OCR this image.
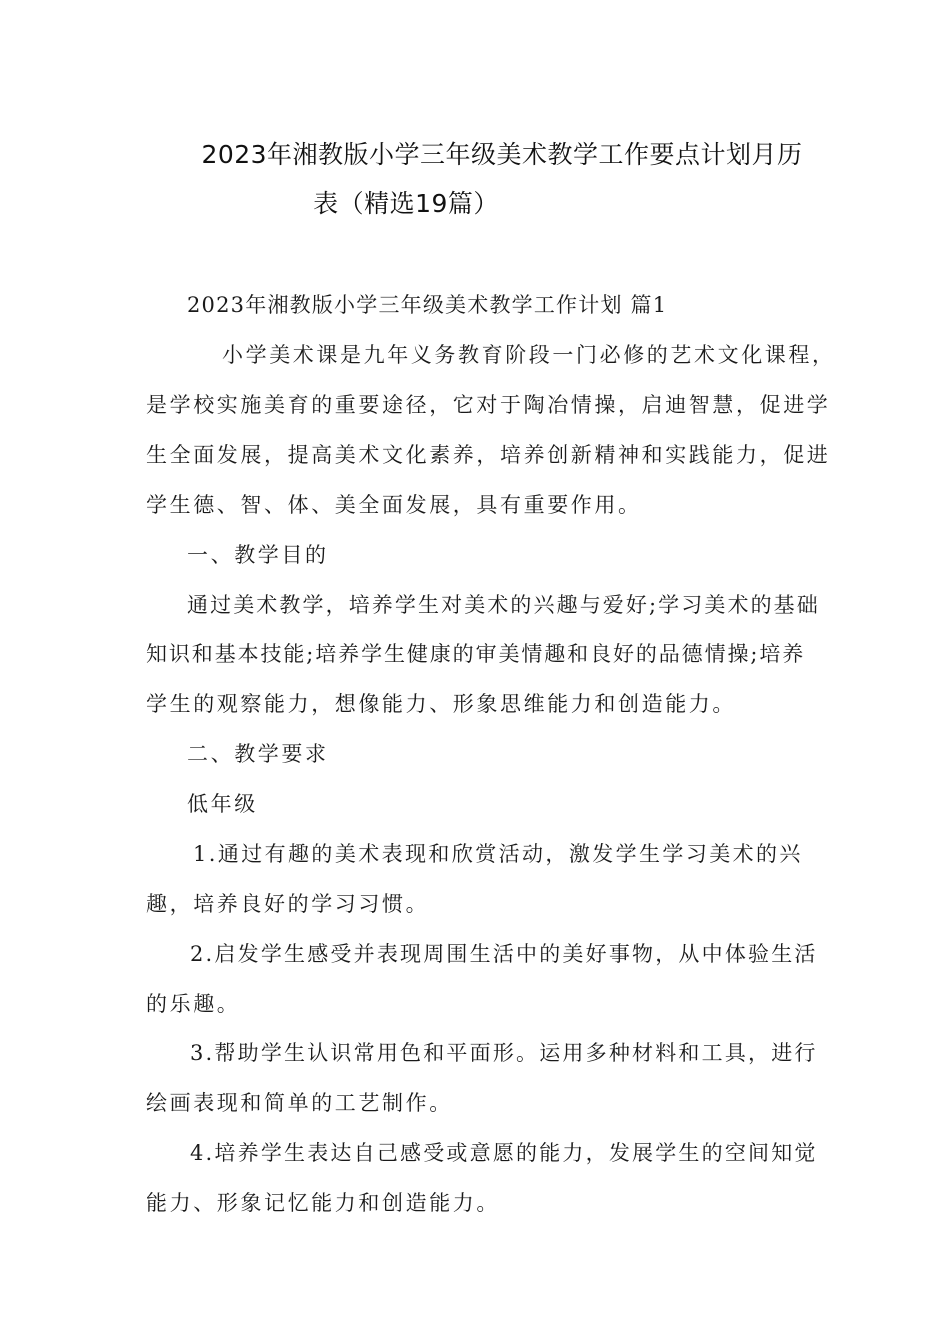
2023年湘教版小学三年级美术教学工作要点计划月历
表（精选19篇）
2023年湘教版小学三年级美术教学工作计划 篇1
小学美术课是九年义务教育阶段一门必修的艺术文化课程，
是学校实施美育的重要途径，它对于陶冶情操，启迪智慧，促进学
生全面发展，提高美术文化素养，培养创新精神和实践能力，促进
学生德、智、体、美全面发展，具有重要作用。
一、教学目的
通过美术教学，培养学生对美术的兴趣与爱好;学习美术的基础
知识和基本技能;培养学生健康的审美情趣和良好的品德情操;培养
学生的观察能力，想像能力、形象思维能力和创造能力。
二、教学要求
低年级
1.通过有趣的美术表现和欣赏活动，激发学生学习美术的兴
趣，培养良好的学习习惯。
2.启发学生感受并表现周围生活中的美好事物，从中体验生活
的乐趣。
3.帮助学生认识常用色和平面形。运用多种材料和工具，进行
绘画表现和简单的工艺制作。
4.培养学生表达自己感受或意愿的能力，发展学生的空间知觉
能力、形象记忆能力和创造能力。
